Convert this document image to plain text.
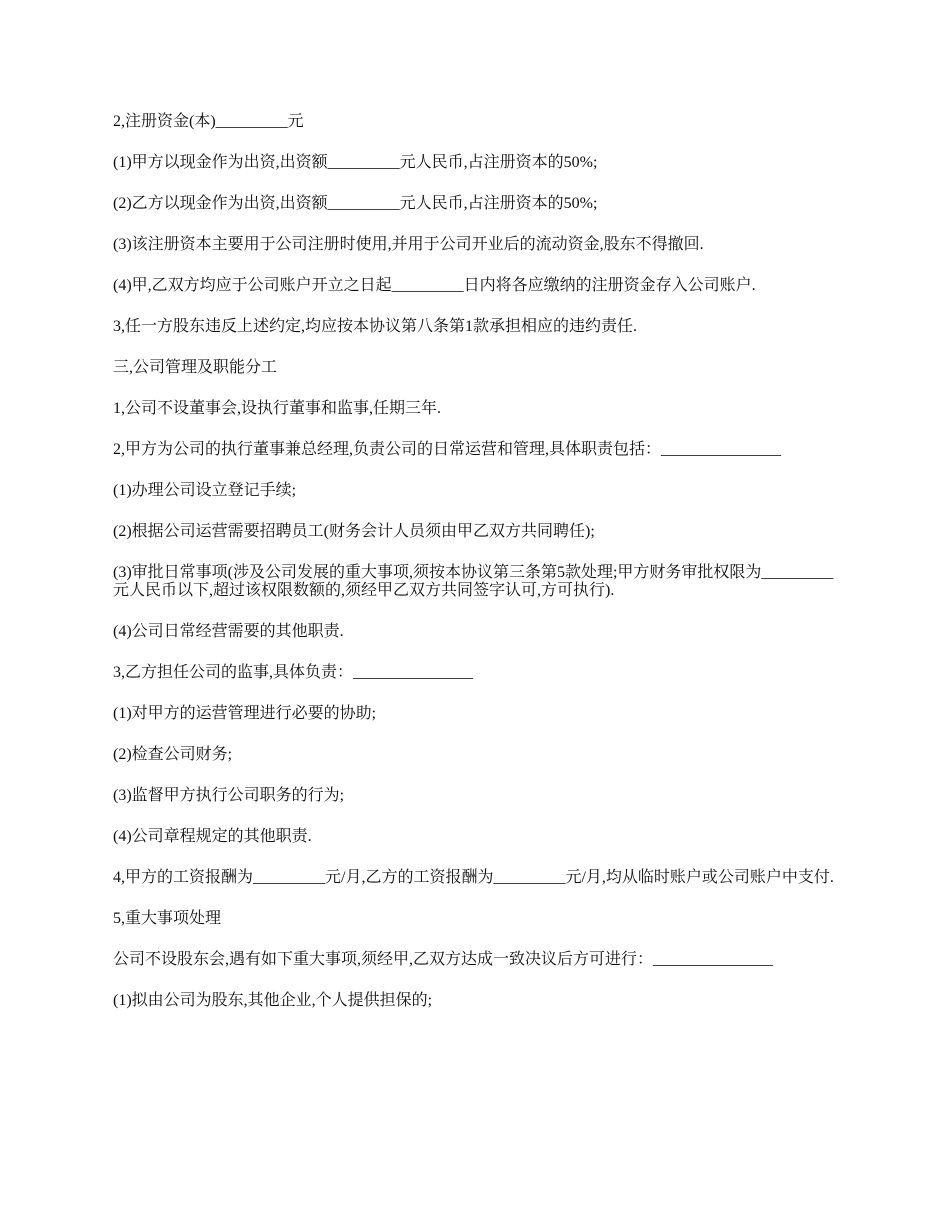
2,注册资金(本)_________元

(1)甲方以现金作为出资,出资额_________元人民币,占注册资本的50%;

(2)乙方以现金作为出资,出资额_________元人民币,占注册资本的50%;

(3)该注册资本主要用于公司注册时使用,并用于公司开业后的流动资金,股东不得撤回.

(4)甲,乙双方均应于公司账户开立之日起_________日内将各应缴纳的注册资金存入公司账户.

3,任一方股东违反上述约定,均应按本协议第八条第1款承担相应的违约责任.

三,公司管理及职能分工

1,公司不设董事会,设执行董事和监事,任期三年.

2,甲方为公司的执行董事兼总经理,负责公司的日常运营和管理,具体职责包括：_______________

(1)办理公司设立登记手续;

(2)根据公司运营需要招聘员工(财务会计人员须由甲乙双方共同聘任);

(3)审批日常事项(涉及公司发展的重大事项,须按本协议第三条第5款处理;甲方财务审批权限为_________元人民币以下,超过该权限数额的,须经甲乙双方共同签字认可,方可执行).

(4)公司日常经营需要的其他职责.

3,乙方担任公司的监事,具体负责：_______________

(1)对甲方的运营管理进行必要的协助;

(2)检查公司财务;

(3)监督甲方执行公司职务的行为;

(4)公司章程规定的其他职责.

4,甲方的工资报酬为_________元/月,乙方的工资报酬为_________元/月,均从临时账户或公司账户中支付.

5,重大事项处理

公司不设股东会,遇有如下重大事项,须经甲,乙双方达成一致决议后方可进行：_______________

(1)拟由公司为股东,其他企业,个人提供担保的;
